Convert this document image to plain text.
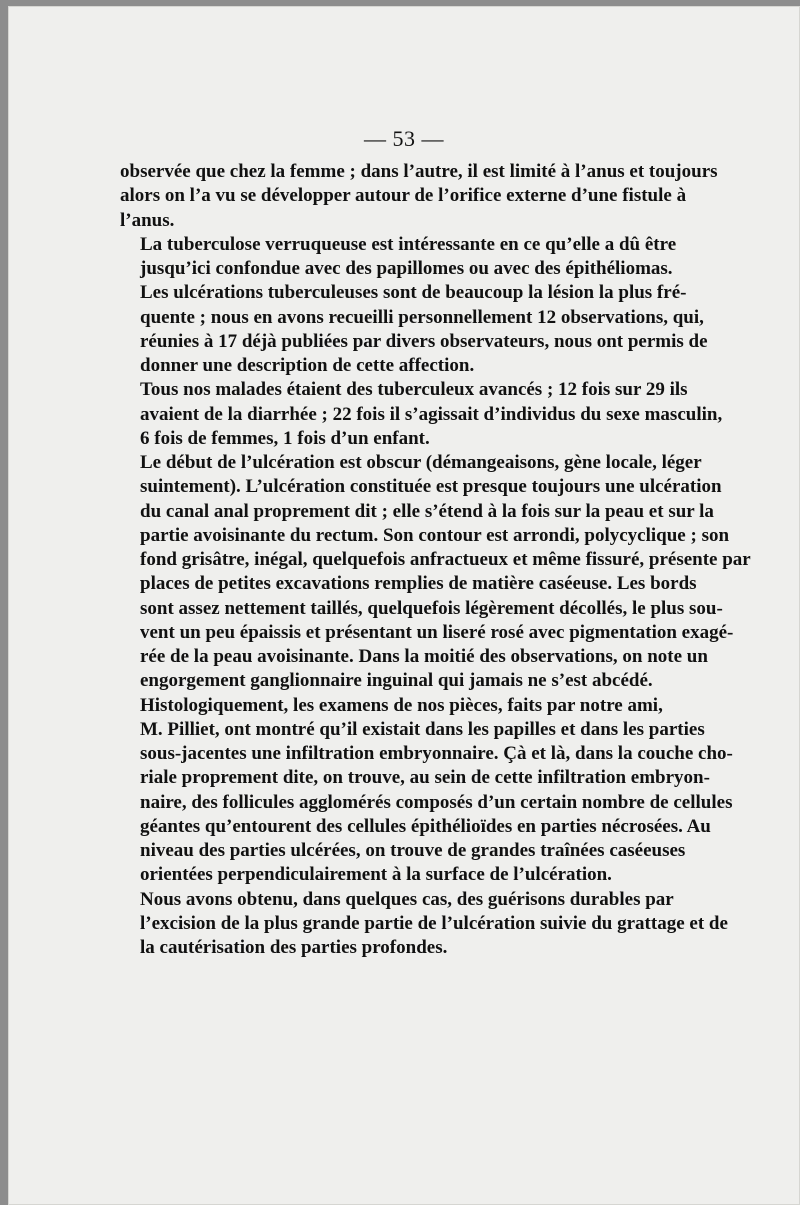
— 53 —

observée que chez la femme ; dans l’autre, il est limité à l’anus et toujours
alors on l’a vu se développer autour de l’orifice externe d’une fistule à
l’anus.

La tuberculose verruqueuse est intéressante en ce qu’elle a dû être
jusqu’ici confondue avec des papillomes ou avec des épithéliomas.

Les ulcérations tuberculeuses sont de beaucoup la lésion la plus fré-
quente ; nous en avons recueilli personnellement 12 observations, qui,
réunies à 17 déjà publiées par divers observateurs, nous ont permis de
donner une description de cette affection.

Tous nos malades étaient des tuberculeux avancés ; 12 fois sur 29 ils
avaient de la diarrhée ; 22 fois il s’agissait d’individus du sexe masculin,
6 fois de femmes, 1 fois d’un enfant.

Le début de l’ulcération est obscur (démangeaisons, gène locale, léger
suintement). L’ulcération constituée est presque toujours une ulcération
du canal anal proprement dit ; elle s’étend à la fois sur la peau et sur la
partie avoisinante du rectum. Son contour est arrondi, polycyclique ; son
fond grisâtre, inégal, quelquefois anfractueux et même fissuré, présente par
places de petites excavations remplies de matière caséeuse. Les bords
sont assez nettement taillés, quelquefois légèrement décollés, le plus sou-
vent un peu épaissis et présentant un liseré rosé avec pigmentation exagé-
rée de la peau avoisinante. Dans la moitié des observations, on note un
engorgement ganglionnaire inguinal qui jamais ne s’est abcédé.

Histologiquement, les examens de nos pièces, faits par notre ami,
M. Pilliet, ont montré qu’il existait dans les papilles et dans les parties
sous-jacentes une infiltration embryonnaire. Çà et là, dans la couche cho-
riale proprement dite, on trouve, au sein de cette infiltration embryon-
naire, des follicules agglomérés composés d’un certain nombre de cellules
géantes qu’entourent des cellules épithélioïdes en parties nécrosées. Au
niveau des parties ulcérées, on trouve de grandes traînées caséeuses
orientées perpendiculairement à la surface de l’ulcération.

Nous avons obtenu, dans quelques cas, des guérisons durables par
l’excision de la plus grande partie de l’ulcération suivie du grattage et de
la cautérisation des parties profondes.
